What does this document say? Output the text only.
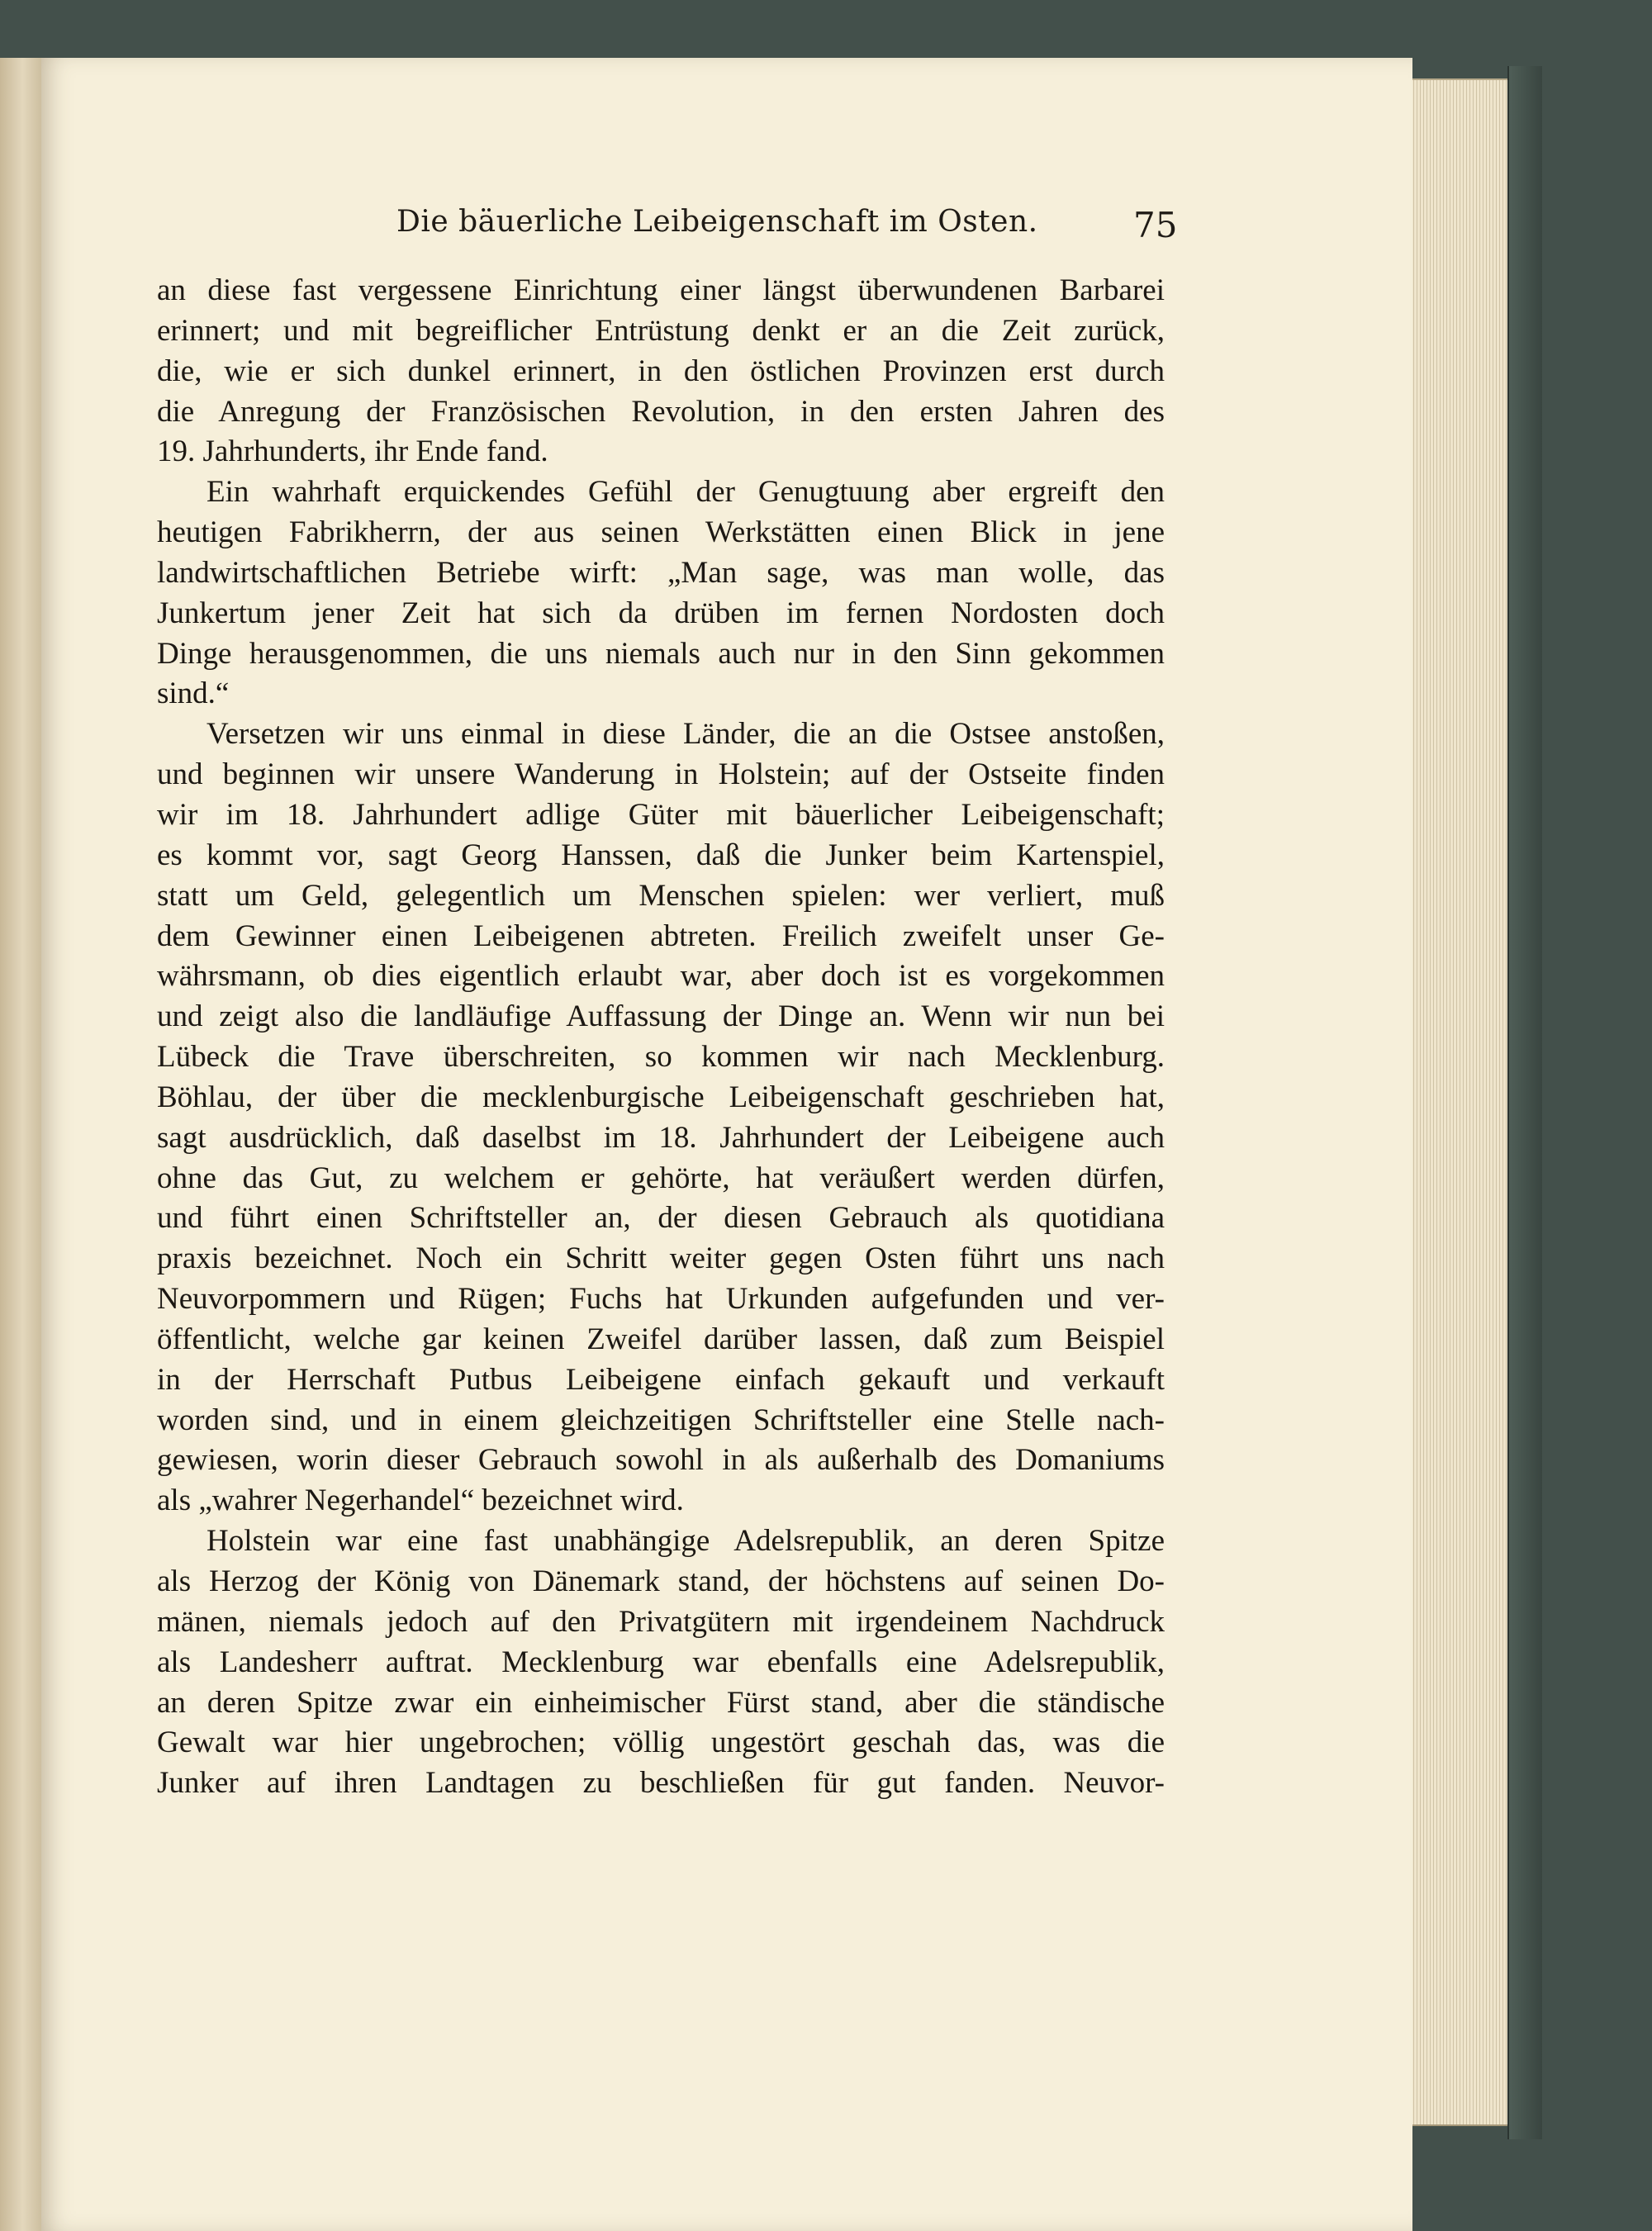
Die bäuerliche Leibeigenschaft im Osten.	75
an diese fast vergessene Einrichtung einer längst überwundenen Barbarei
erinnert; und mit begreiflicher Entrüstung denkt er an die Zeit zurück,
die, wie er sich dunkel erinnert, in den östlichen Provinzen erst durch
die Anregung der Französischen Revolution, in den ersten Jahren des
19. Jahrhunderts, ihr Ende fand.
Ein wahrhaft erquickendes Gefühl der Genugtuung aber ergreift den
heutigen Fabrikherrn, der aus seinen Werkstätten einen Blick in jene
landwirtschaftlichen Betriebe wirft: „Man sage, was man wolle, das
Junkertum jener Zeit hat sich da drüben im fernen Nordosten doch
Dinge herausgenommen, die uns niemals auch nur in den Sinn gekommen
sind.“
Versetzen wir uns einmal in diese Länder, die an die Ostsee anstoßen,
und beginnen wir unsere Wanderung in Holstein; auf der Ostseite finden
wir im 18. Jahrhundert adlige Güter mit bäuerlicher Leibeigenschaft;
es kommt vor, sagt Georg Hanssen, daß die Junker beim Kartenspiel,
statt um Geld, gelegentlich um Menschen spielen: wer verliert, muß
dem Gewinner einen Leibeigenen abtreten. Freilich zweifelt unser Ge-
währsmann, ob dies eigentlich erlaubt war, aber doch ist es vorgekommen
und zeigt also die landläufige Auffassung der Dinge an. Wenn wir nun bei
Lübeck die Trave überschreiten, so kommen wir nach Mecklenburg.
Böhlau, der über die mecklenburgische Leibeigenschaft geschrieben hat,
sagt ausdrücklich, daß daselbst im 18. Jahrhundert der Leibeigene auch
ohne das Gut, zu welchem er gehörte, hat veräußert werden dürfen,
und führt einen Schriftsteller an, der diesen Gebrauch als quotidiana
praxis bezeichnet. Noch ein Schritt weiter gegen Osten führt uns nach
Neuvorpommern und Rügen; Fuchs hat Urkunden aufgefunden und ver-
öffentlicht, welche gar keinen Zweifel darüber lassen, daß zum Beispiel
in der Herrschaft Putbus Leibeigene einfach gekauft und verkauft
worden sind, und in einem gleichzeitigen Schriftsteller eine Stelle nach-
gewiesen, worin dieser Gebrauch sowohl in als außerhalb des Domaniums
als „wahrer Negerhandel“ bezeichnet wird.
Holstein war eine fast unabhängige Adelsrepublik, an deren Spitze
als Herzog der König von Dänemark stand, der höchstens auf seinen Do-
mänen, niemals jedoch auf den Privatgütern mit irgendeinem Nachdruck
als Landesherr auftrat. Mecklenburg war ebenfalls eine Adelsrepublik,
an deren Spitze zwar ein einheimischer Fürst stand, aber die ständische
Gewalt war hier ungebrochen; völlig ungestört geschah das, was die
Junker auf ihren Landtagen zu beschließen für gut fanden. Neuvor-
